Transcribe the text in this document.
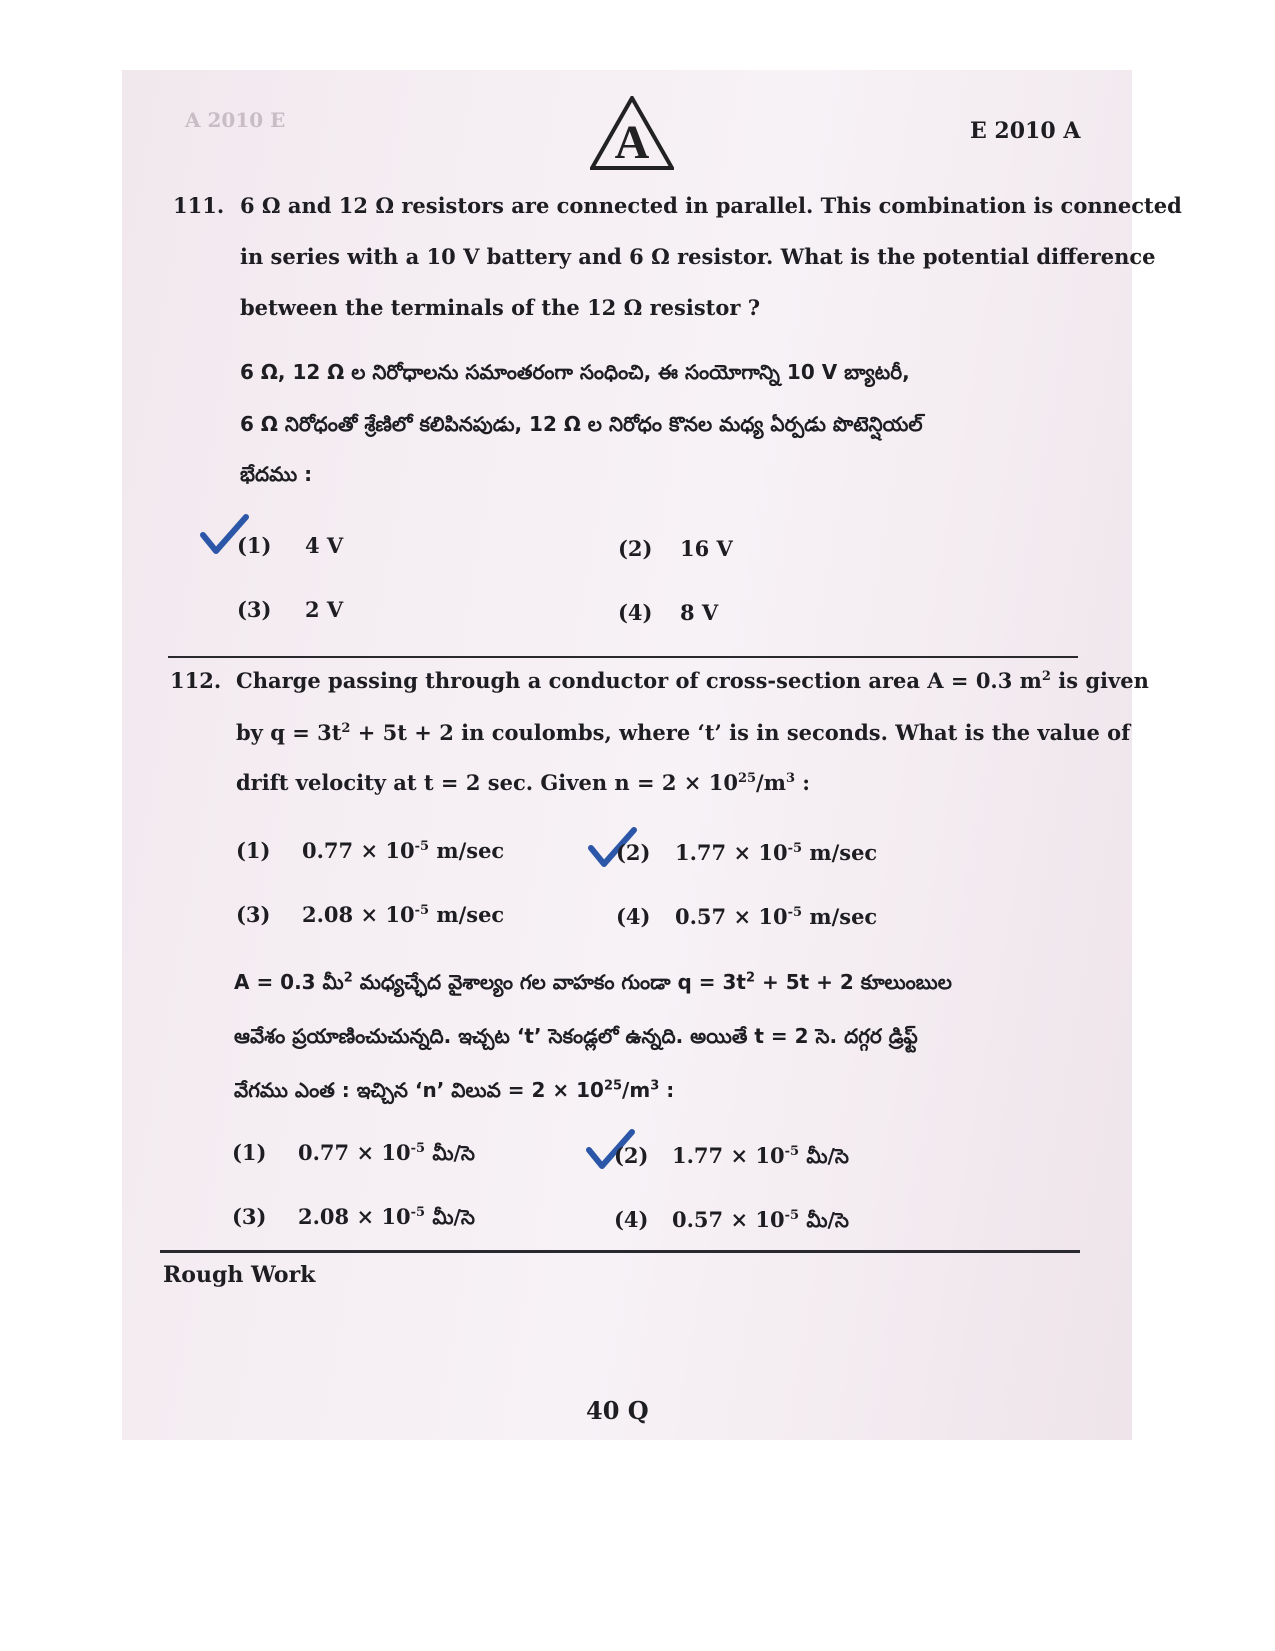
A 2010 E	A	E 2010 A
111. 6 Ω and 12 Ω resistors are connected in parallel. This combination is connected
in series with a 10 V battery and 6 Ω resistor. What is the potential difference
between the terminals of the 12 Ω resistor ?
6 Ω, 12 Ω ల నిరోధాలను సమాంతరంగా సంధించి, ఈ సంయోగాన్ని 10 V బ్యాటరీ,
6 Ω నిరోధంతో శ్రేణిలో కలిపినపుడు, 12 Ω ల నిరోధం కొనల మధ్య ఏర్పడు పొటెన్షియల్
భేదము :
(1) 4 V	(2) 16 V
(3) 2 V	(4) 8 V
112. Charge passing through a conductor of cross-section area A = 0.3 $m^2$ is given
by $q = 3t^2 + 5t + 2$ in coulombs, where ‘t’ is in seconds. What is the value of
drift velocity at t = 2 sec. Given $n = 2 \times 10^{25}/m^3$ :
(1) $0.77 \times 10^{-5}$ m/sec	(2) $1.77 \times 10^{-5}$ m/sec
(3) $2.08 \times 10^{-5}$ m/sec	(4) $0.57 \times 10^{-5}$ m/sec
A = 0.3 మీ$^2$ మధ్యచ్ఛేద వైశాల్యం గల వాహకం గుండా $q = 3t^2 + 5t + 2$ కూలుంబుల
ఆవేశం ప్రయాణించుచున్నది. ఇచ్చట ‘t’ సెకండ్లలో ఉన్నది. అయితే t = 2 సె. దగ్గర డ్రిఫ్ట్
వేగము ఎంత : ఇచ్చిన ‘n’ విలువ = $2 \times 10^{25}/m^3$ :
(1) $0.77 \times 10^{-5}$ మీ/సె	(2) $1.77 \times 10^{-5}$ మీ/సె
(3) $2.08 \times 10^{-5}$ మీ/సె	(4) $0.57 \times 10^{-5}$ మీ/సె
Rough Work
40 Q
